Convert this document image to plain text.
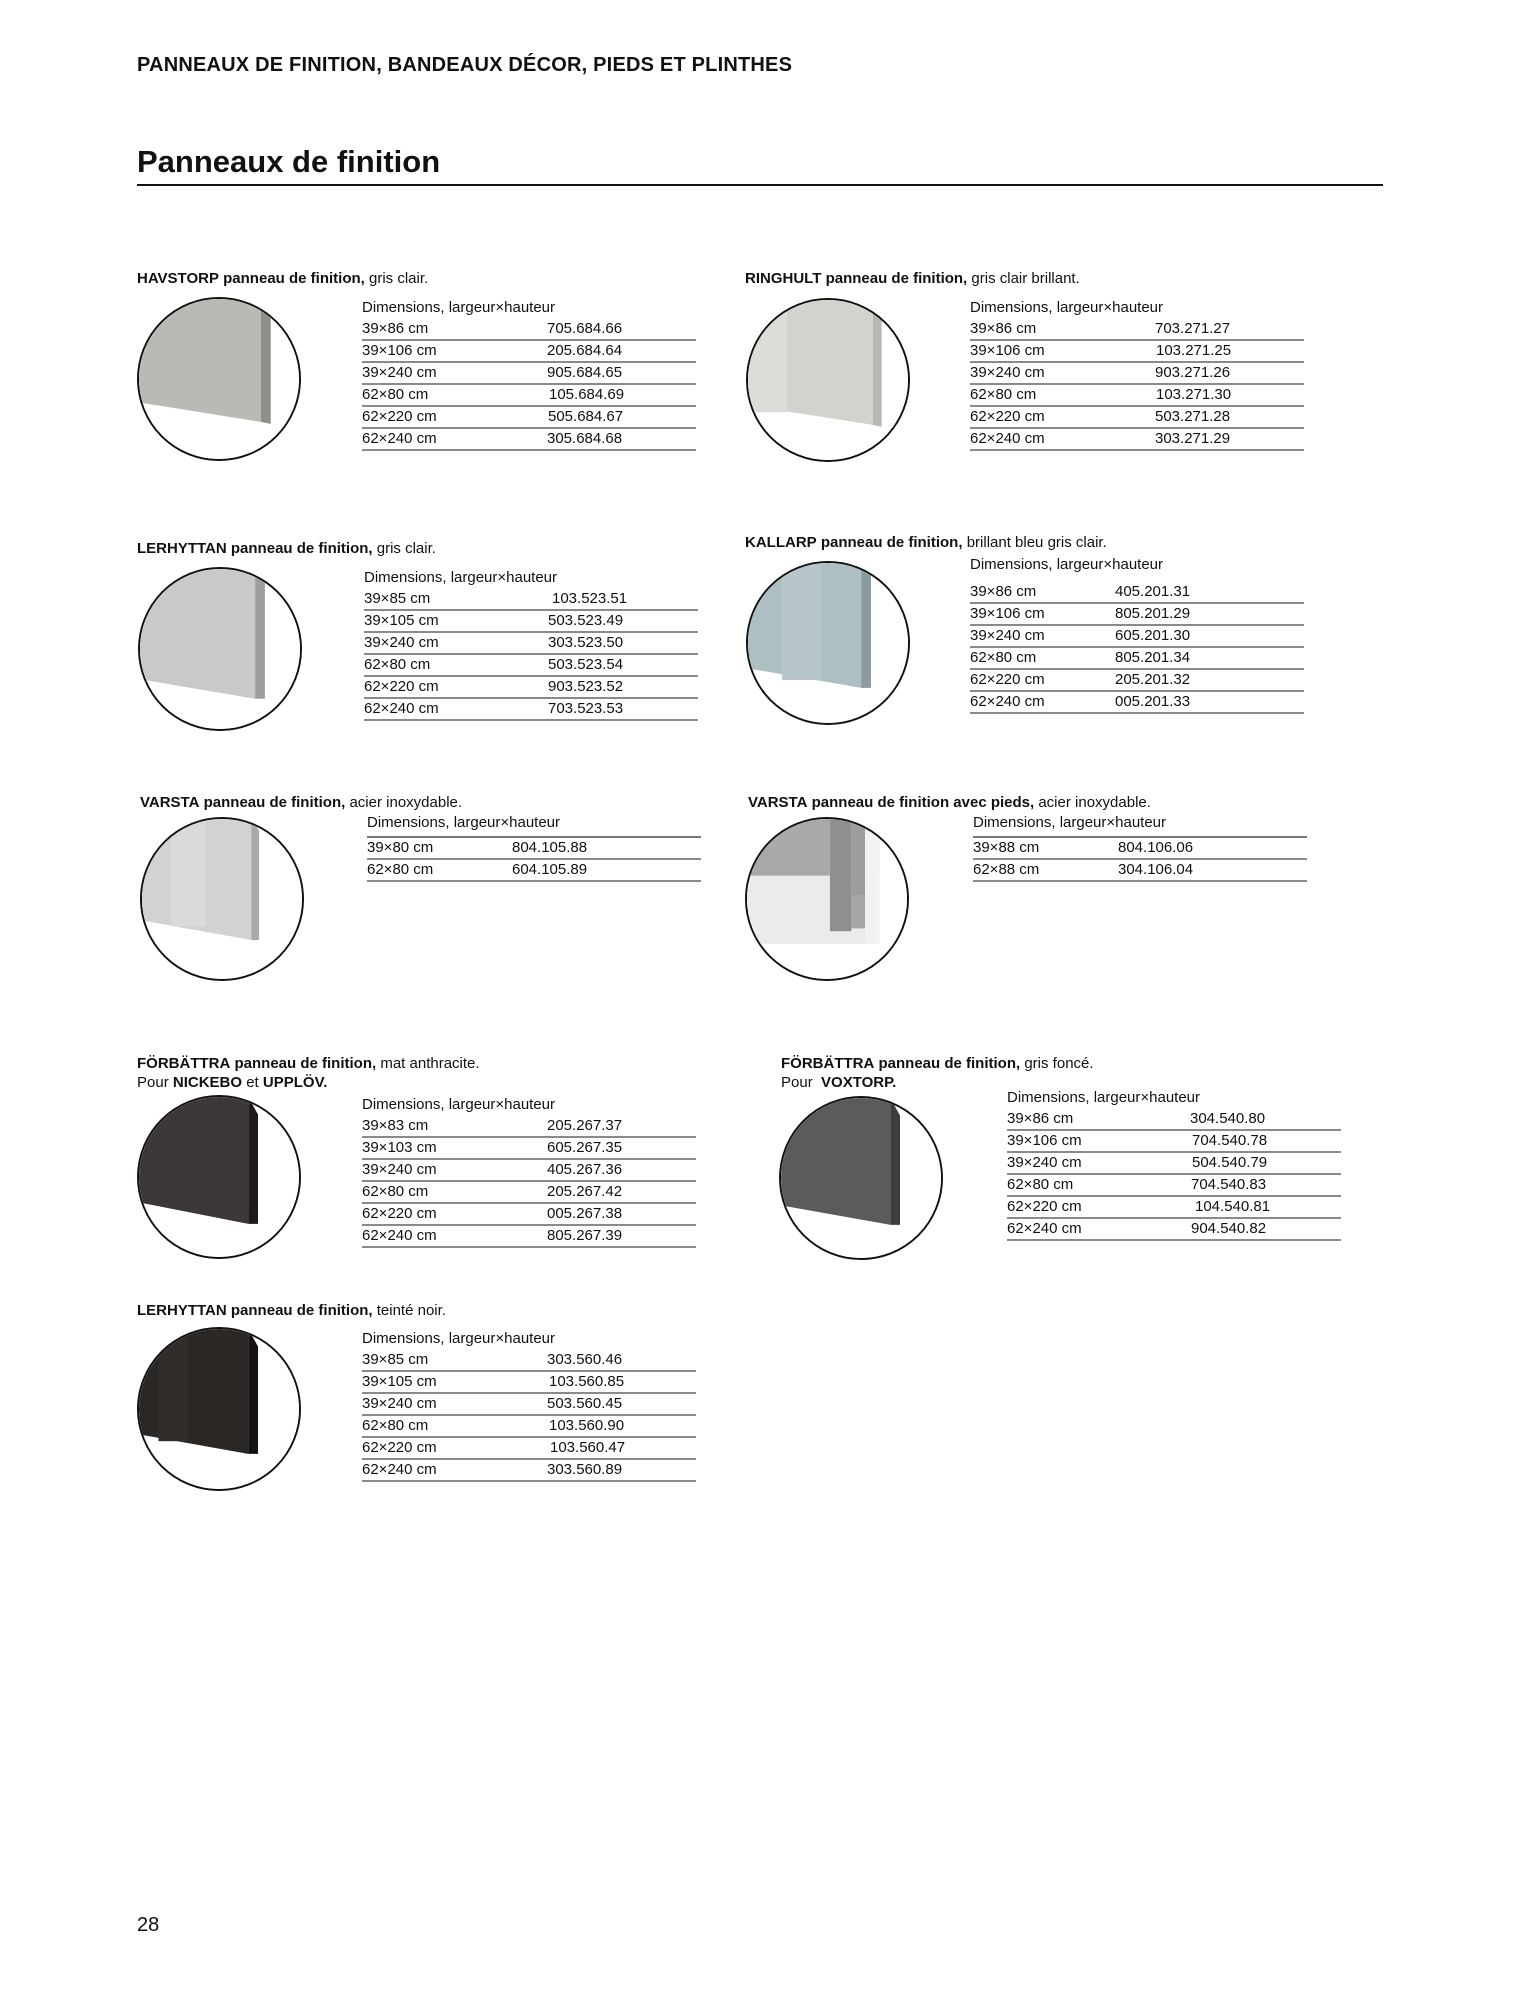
PANNEAUX DE FINITION, BANDEAUX DÉCOR, PIEDS ET PLINTHES
Panneaux de finition
HAVSTORP panneau de finition, gris clair.
Dimensions, largeur×hauteur
39×86 cm	705.684.66
39×106 cm	205.684.64
39×240 cm	905.684.65
62×80 cm	105.684.69
62×220 cm	505.684.67
62×240 cm	305.684.68
RINGHULT panneau de finition, gris clair brillant.
Dimensions, largeur×hauteur
39×86 cm	703.271.27
39×106 cm	103.271.25
39×240 cm	903.271.26
62×80 cm	103.271.30
62×220 cm	503.271.28
62×240 cm	303.271.29
LERHYTTAN panneau de finition, gris clair.
Dimensions, largeur×hauteur
39×85 cm	103.523.51
39×105 cm	503.523.49
39×240 cm	303.523.50
62×80 cm	503.523.54
62×220 cm	903.523.52
62×240 cm	703.523.53
KALLARP panneau de finition, brillant bleu gris clair.
Dimensions, largeur×hauteur
39×86 cm	405.201.31
39×106 cm	805.201.29
39×240 cm	605.201.30
62×80 cm	805.201.34
62×220 cm	205.201.32
62×240 cm	005.201.33
VARSTA panneau de finition, acier inoxydable.
Dimensions, largeur×hauteur
39×80 cm	804.105.88
62×80 cm	604.105.89
VARSTA panneau de finition avec pieds, acier inoxydable.
Dimensions, largeur×hauteur
39×88 cm	804.106.06
62×88 cm	304.106.04
FÖRBÄTTRA panneau de finition, mat anthracite.
Pour NICKEBO et UPPLÖV.
Dimensions, largeur×hauteur
39×83 cm	205.267.37
39×103 cm	605.267.35
39×240 cm	405.267.36
62×80 cm	205.267.42
62×220 cm	005.267.38
62×240 cm	805.267.39
FÖRBÄTTRA panneau de finition, gris foncé.
Pour VOXTORP.
Dimensions, largeur×hauteur
39×86 cm	304.540.80
39×106 cm	704.540.78
39×240 cm	504.540.79
62×80 cm	704.540.83
62×220 cm	104.540.81
62×240 cm	904.540.82
LERHYTTAN panneau de finition, teinté noir.
Dimensions, largeur×hauteur
39×85 cm	303.560.46
39×105 cm	103.560.85
39×240 cm	503.560.45
62×80 cm	103.560.90
62×220 cm	103.560.47
62×240 cm	303.560.89
28
